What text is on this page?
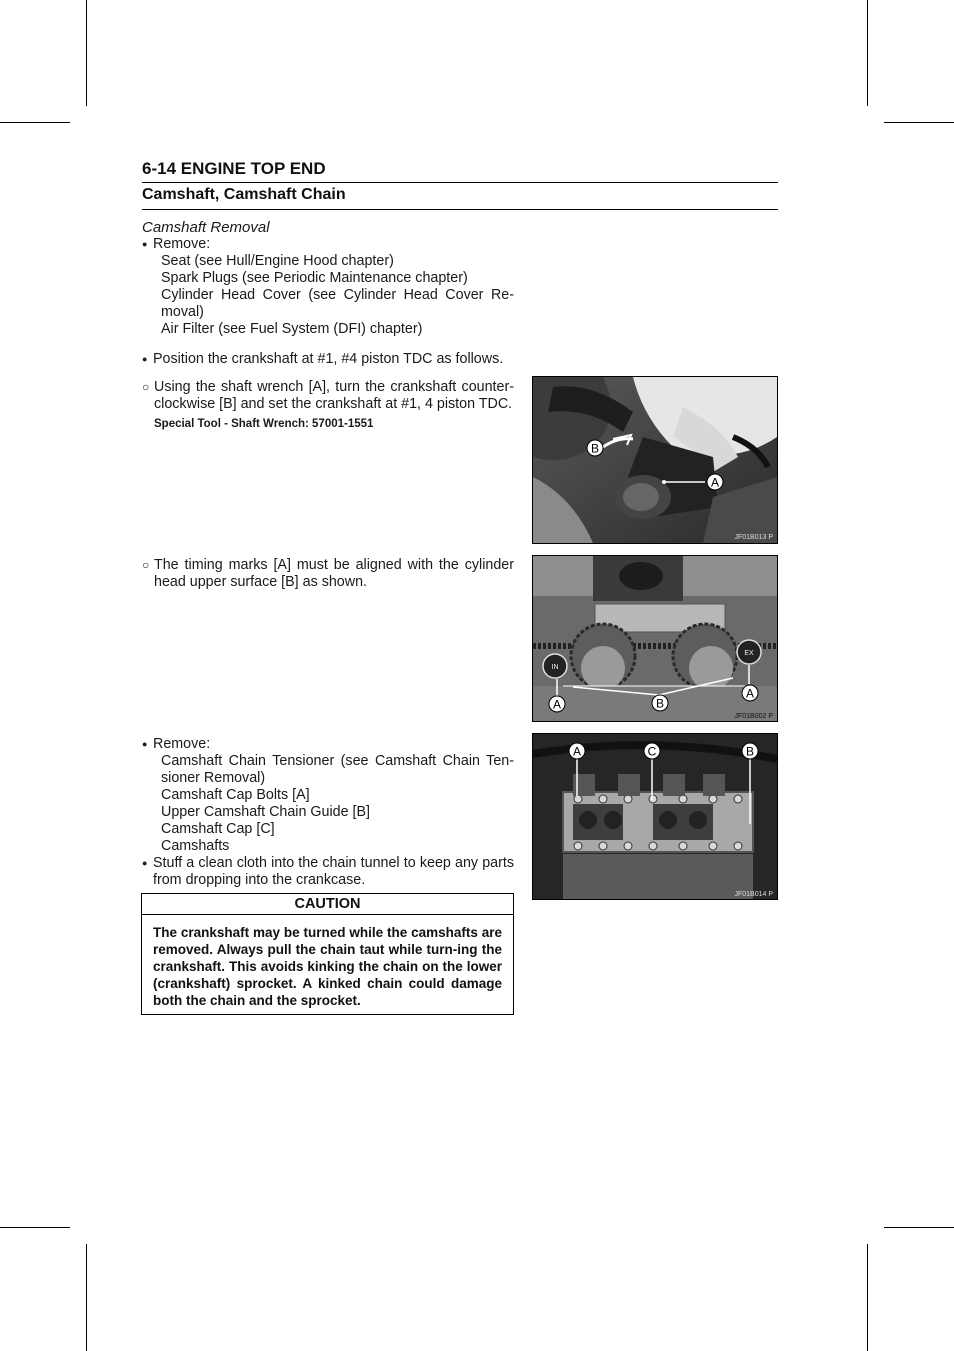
6-14 ENGINE TOP END
Camshaft, Camshaft Chain
Camshaft Removal
● Remove:
Seat (see Hull/Engine Hood chapter)
Spark Plugs (see Periodic Maintenance chapter)
Cylinder Head Cover (see Cylinder Head Cover Re-moval)
Air Filter (see Fuel System (DFI) chapter)
● Position the crankshaft at #1, #4 piston TDC as follows.
○ Using the shaft wrench [A], turn the crankshaft counter-clockwise [B] and set the crankshaft at #1, 4 piston TDC.
Special Tool - Shaft Wrench: 57001-1551
○ The timing marks [A] must be aligned with the cylinder head upper surface [B] as shown.
● Remove:
Camshaft Chain Tensioner (see Camshaft Chain Ten-sioner Removal)
Camshaft Cap Bolts [A]
Upper Camshaft Chain Guide [B]
Camshaft Cap [C]
Camshafts
● Stuff a clean cloth into the chain tunnel to keep any parts from dropping into the crankcase.
CAUTION
The crankshaft may be turned while the camshafts are removed. Always pull the chain taut while turn-ing the crankshaft. This avoids kinking the chain on the lower (crankshaft) sprocket. A kinked chain could damage both the chain and the sprocket.
B
A
JF01B013 P
IN
EX
A	B
A
JF01B002 P
A	C	B
JF01B014 P
